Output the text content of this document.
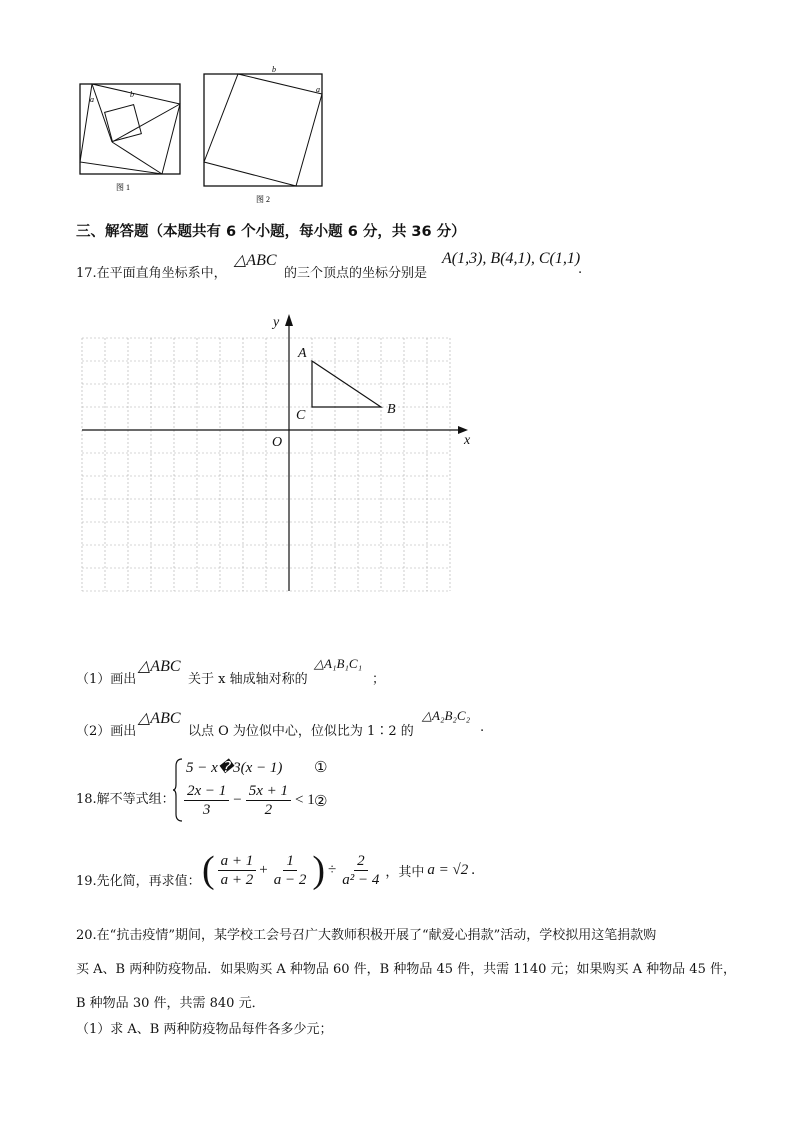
a
b
图 1
b
a
图 2
三、解答题（本题共有 6 个小题，每小题 6 分，共 36 分）
17.在平面直角坐标系中，
△ABC
的三个顶点的坐标分别是
A(1,3), B(4,1), C(1,1)
.
x
y
O
A
B
C
（1）画出
△ABC
关于 x 轴成轴对称的
△A₁B₁C₁
；
（2）画出
△ABC
以点 O 为位似中心，位似比为 1∶2 的
△A₂B₂C₂
.
18.解不等式组：
5 − x�3(x − 1) ①
$\frac{2x - 1}{3} - \frac{5x + 1}{2} < 1$ ②
19.先化简，再求值： ( $\frac{a + 1}{a + 2} + \frac{1}{a - 2}$ ) ÷ $\frac{2}{\text{a² − 4}}$ ，其中 a = √2 .
20.在“抗击疫情”期间，某学校工会号召广大教师积极开展了“献爱心捐款”活动，学校拟用这笔捐款购
买 A、B 两种防疫物品．如果购买 A 种物品 60 件，B 种物品 45 件，共需 1140 元；如果购买 A 种物品 45 件，
B 种物品 30 件，共需 840 元．
（1）求 A、B 两种防疫物品每件各多少元；
